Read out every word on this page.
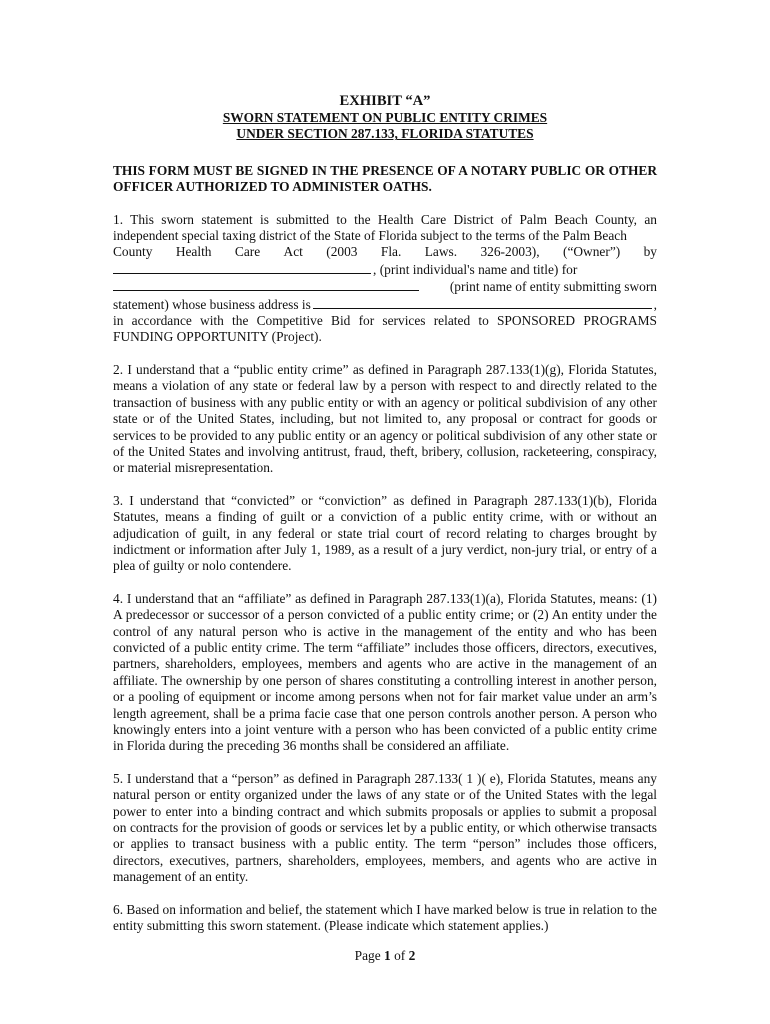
EXHIBIT “A”

SWORN STATEMENT ON PUBLIC ENTITY CRIMES

UNDER SECTION 287.133, FLORIDA STATUTES

THIS FORM MUST BE SIGNED IN THE PRESENCE OF A NOTARY PUBLIC OR OTHER OFFICER AUTHORIZED TO ADMINISTER OATHS.

1. This sworn statement is submitted to the Health Care District of Palm Beach County, an independent special taxing district of the State of Florida subject to the terms of the Palm Beach

County Health Care Act (2003 Fla. Laws. 326-2003), (“Owner”) by
, (print individual's name and title) for
(print name of entity submitting sworn
statement) whose business address is	,

in accordance with the Competitive Bid for services related to SPONSORED PROGRAMS FUNDING OPPORTUNITY (Project).

2. I understand that a “public entity crime” as defined in Paragraph 287.133(1)(g), Florida Statutes, means a violation of any state or federal law by a person with respect to and directly related to the transaction of business with any public entity or with an agency or political subdivision of any other state or of the United States, including, but not limited to, any proposal or contract for goods or services to be provided to any public entity or an agency or political subdivision of any other state or of the United States and involving antitrust, fraud, theft, bribery, collusion, racketeering, conspiracy, or material misrepresentation.

3. I understand that “convicted” or “conviction” as defined in Paragraph 287.133(1)(b), Florida Statutes, means a finding of guilt or a conviction of a public entity crime, with or without an adjudication of guilt, in any federal or state trial court of record relating to charges brought by indictment or information after July 1, 1989, as a result of a jury verdict, non-jury trial, or entry of a plea of guilty or nolo contendere.

4. I understand that an “affiliate” as defined in Paragraph 287.133(1)(a), Florida Statutes, means: (1) A predecessor or successor of a person convicted of a public entity crime; or (2) An entity under the control of any natural person who is active in the management of the entity and who has been convicted of a public entity crime. The term “affiliate” includes those officers, directors, executives, partners, shareholders, employees, members and agents who are active in the management of an affiliate. The ownership by one person of shares constituting a controlling interest in another person, or a pooling of equipment or income among persons when not for fair market value under an arm’s length agreement, shall be a prima facie case that one person controls another person. A person who knowingly enters into a joint venture with a person who has been convicted of a public entity crime in Florida during the preceding 36 months shall be considered an affiliate.

5. I understand that a “person” as defined in Paragraph 287.133( 1 )( e), Florida Statutes, means any natural person or entity organized under the laws of any state or of the United States with the legal power to enter into a binding contract and which submits proposals or applies to submit a proposal on contracts for the provision of goods or services let by a public entity, or which otherwise transacts or applies to transact business with a public entity. The term “person” includes those officers, directors, executives, partners, shareholders, employees, members, and agents who are active in management of an entity.

6. Based on information and belief, the statement which I have marked below is true in relation to the entity submitting this sworn statement. (Please indicate which statement applies.)

Page 1 of 2
